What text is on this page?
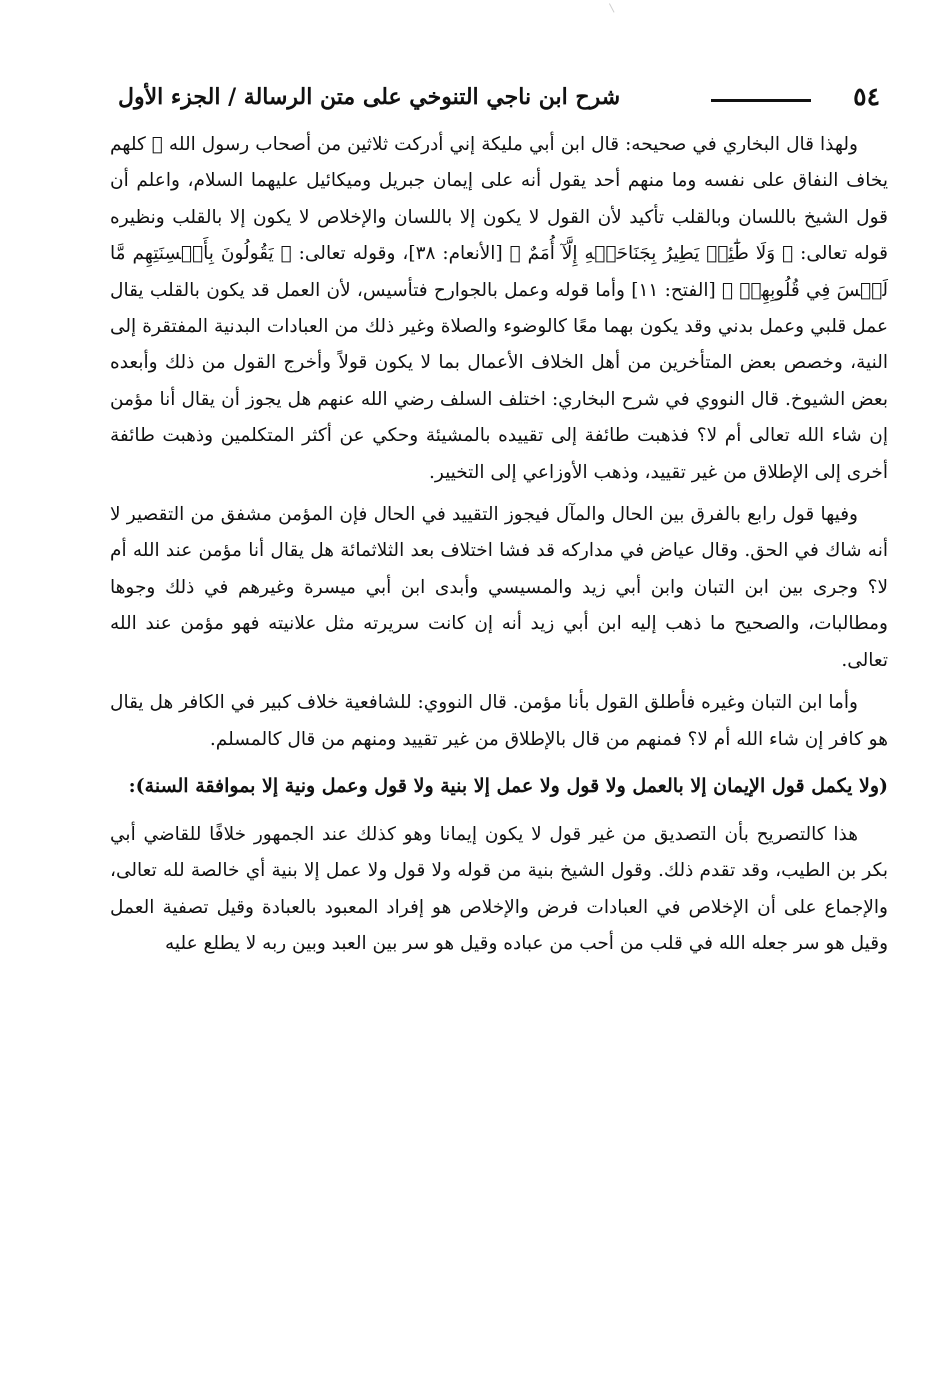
٥٤
شرح ابن ناجي التنوخي على متن الرسالة / الجزء الأول

ولهذا قال البخاري في صحيحه: قال ابن أبي مليكة إني أدركت ثلاثين من أصحاب رسول الله ﷺ كلهم يخاف النفاق على نفسه وما منهم أحد يقول أنه على إيمان جبريل وميكائيل عليهما السلام، واعلم أن قول الشيخ باللسان وبالقلب تأكيد لأن القول لا يكون إلا باللسان والإخلاص لا يكون إلا بالقلب ونظيره قوله تعالى: ﴿ وَلَا طَٰٓئِرٖ يَطِيرُ بِجَنَاحَيۡهِ إِلَّآ أُمَمٌ ﴾ [الأنعام: ٣٨]، وقوله تعالى: ﴿ يَقُولُونَ بِأَلۡسِنَتِهِم مَّا لَيۡسَ فِي قُلُوبِهِمۡ ﴾ [الفتح: ١١] وأما قوله وعمل بالجوارح فتأسيس، لأن العمل قد يكون بالقلب يقال عمل قلبي وعمل بدني وقد يكون بهما معًا كالوضوء والصلاة وغير ذلك من العبادات البدنية المفتقرة إلى النية، وخصص بعض المتأخرين من أهل الخلاف الأعمال بما لا يكون قولاً وأخرج القول من ذلك وأبعده بعض الشيوخ. قال النووي في شرح البخاري: اختلف السلف رضي الله عنهم هل يجوز أن يقال أنا مؤمن إن شاء الله تعالى أم لا؟ فذهبت طائفة إلى تقييده بالمشيئة وحكي عن أكثر المتكلمين وذهبت طائفة أخرى إلى الإطلاق من غير تقييد، وذهب الأوزاعي إلى التخيير.

وفيها قول رابع بالفرق بين الحال والمآل فيجوز التقييد في الحال فإن المؤمن مشفق من التقصير لا أنه شاك في الحق. وقال عياض في مداركه قد فشا اختلاف بعد الثلاثمائة هل يقال أنا مؤمن عند الله أم لا؟ وجرى بين ابن التبان وابن أبي زيد والمسيسي وأبدى ابن أبي ميسرة وغيرهم في ذلك وجوها ومطالبات، والصحيح ما ذهب إليه ابن أبي زيد أنه إن كانت سريرته مثل علانيته فهو مؤمن عند الله تعالى.

وأما ابن التبان وغيره فأطلق القول بأنا مؤمن. قال النووي: للشافعية خلاف كبير في الكافر هل يقال هو كافر إن شاء الله أم لا؟ فمنهم من قال بالإطلاق من غير تقييد ومنهم من قال كالمسلم.

(ولا يكمل قول الإيمان إلا بالعمل ولا قول ولا عمل إلا بنية ولا قول وعمل ونية إلا بموافقة السنة):

هذا كالتصريح بأن التصديق من غير قول لا يكون إيمانا وهو كذلك عند الجمهور خلافًا للقاضي أبي بكر بن الطيب، وقد تقدم ذلك. وقول الشيخ بنية من قوله ولا قول ولا عمل إلا بنية أي خالصة لله تعالى، والإجماع على أن الإخلاص في العبادات فرض والإخلاص هو إفراد المعبود بالعبادة وقيل تصفية العمل وقيل هو سر جعله الله في قلب من أحب من عباده وقيل هو سر بين العبد وبين ربه لا يطلع عليه
